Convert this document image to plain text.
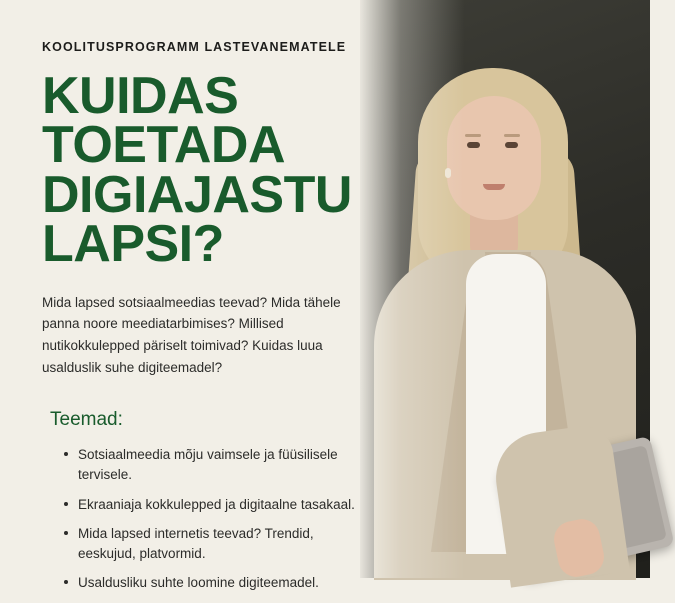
KOOLITUSPROGRAMM LASTEVANEMATELE
KUIDAS TOETADA
DIGIAJASTU
LAPSI?

Mida lapsed sotsiaalmeedias teevad? Mida tähele panna noore meediatarbimises? Millised nutikokkulepped päriselt toimivad? Kuidas luua usalduslik suhe digiteemadel?

Teemad:
Sotsiaalmeedia mõju vaimsele ja füüsilisele tervisele.
Ekraaniaja kokkulepped ja digitaalne tasakaal.
Mida lapsed internetis teevad? Trendid, eeskujud, platvormid.
Usaldusliku suhte loomine digiteemadel.
